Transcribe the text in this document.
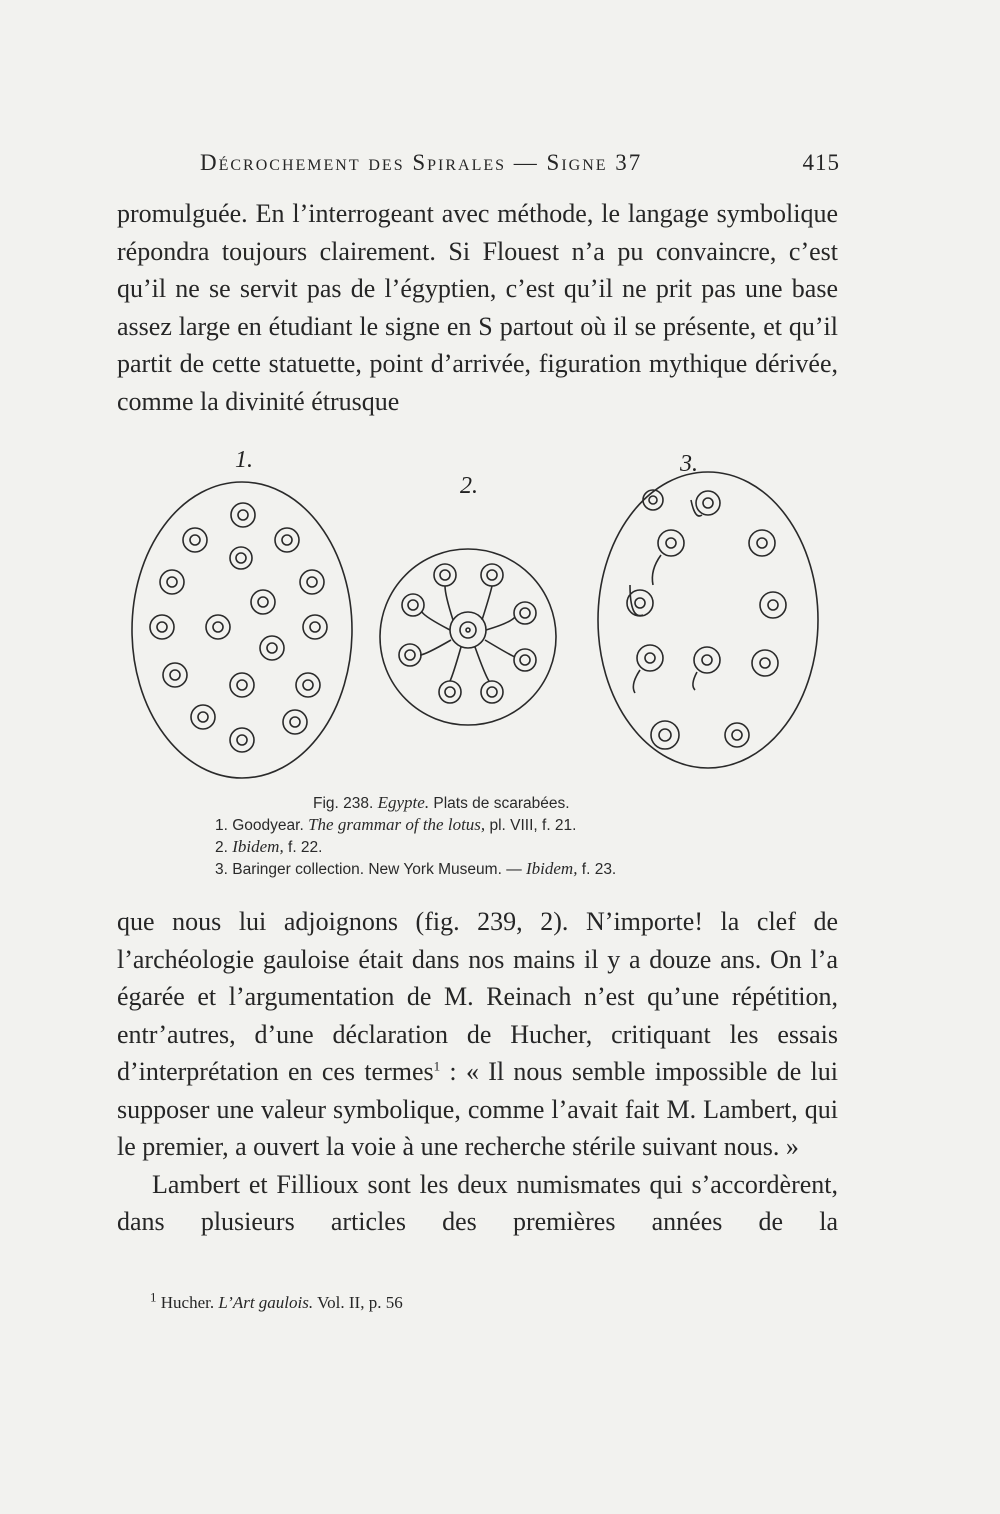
Décrochement des Spirales — Signe 37	415

promulguée. En l’interrogeant avec méthode, le langage symbolique répondra toujours clairement. Si Flouest n’a pu convaincre, c’est qu’il ne se servit pas de l’égyptien, c’est qu’il ne prit pas une base assez large en étudiant le signe en S partout où il se présente, et qu’il partit de cette statuette, point d’arrivée, figuration mythique dérivée, comme la divinité étrusque

1.
2.
3.
Fig. 238. Egypte. Plats de scarabées.
1. Goodyear. The grammar of the lotus, pl. VIII, f. 21.
2. Ibidem, f. 22.
3. Baringer collection. New York Museum. — Ibidem, f. 23.

que nous lui adjoignons (fig. 239, 2). N’importe! la clef de l’archéologie gauloise était dans nos mains il y a douze ans. On l’a égarée et l’argumentation de M. Reinach n’est qu’une répétition, entr’autres, d’une déclaration de Hucher, critiquant les essais d’interprétation en ces termes$^1$ : « Il nous semble impossible de lui supposer une valeur symbolique, comme l’avait fait M. Lambert, qui le premier, a ouvert la voie à une recherche stérile suivant nous. »

Lambert et Fillioux sont les deux numismates qui s’accordèrent, dans plusieurs articles des premières années de la

$^1$ Hucher. L’Art gaulois. Vol. II, p. 56
